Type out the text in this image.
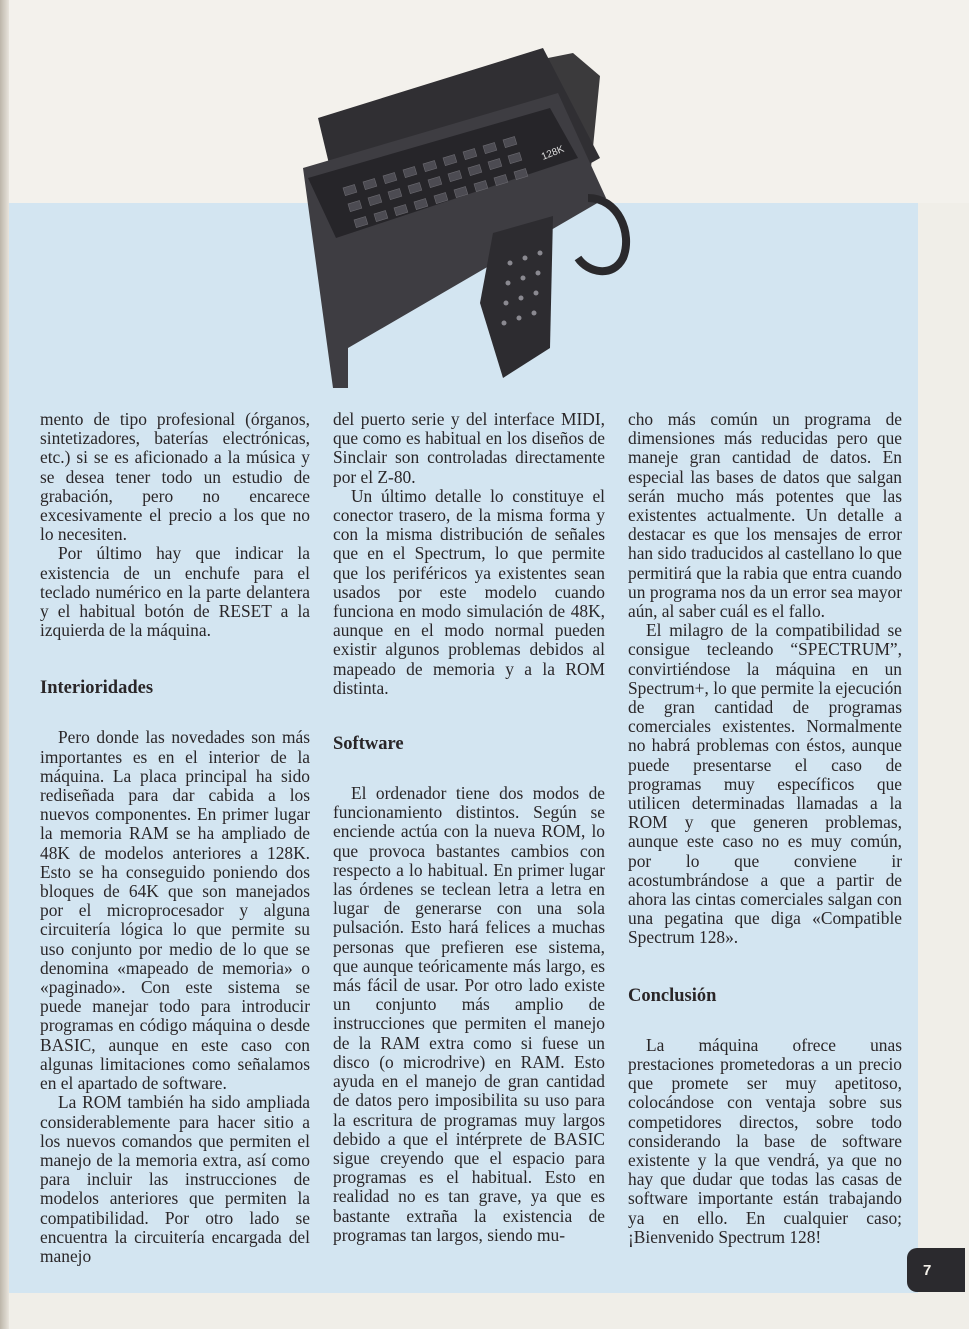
128K

mento de tipo profesional (órganos, sintetizadores, baterías electrónicas, etc.) si se es aficionado a la música y se desea tener todo un estudio de grabación, pero no encarece excesivamente el precio a los que no lo necesiten.

Por último hay que indicar la existencia de un enchufe para el teclado numérico en la parte delantera y el habitual botón de RESET a la izquierda de la máquina.

Interioridades

Pero donde las novedades son más importantes es en el interior de la máquina. La placa principal ha sido rediseñada para dar cabida a los nuevos componentes. En primer lugar la memoria RAM se ha ampliado de 48K de modelos anteriores a 128K. Esto se ha conseguido poniendo dos bloques de 64K que son manejados por el microprocesador y alguna circuitería lógica lo que permite su uso conjunto por medio de lo que se denomina «mapeado de memoria» o «paginado». Con este sistema se puede manejar todo para introducir programas en código máquina o desde BASIC, aunque en este caso con algunas limitaciones como señalamos en el apartado de software.

La ROM también ha sido ampliada considerablemente para hacer sitio a los nuevos comandos que permiten el manejo de la memoria extra, así como para incluir las instrucciones de modelos anteriores que permiten la compatibilidad. Por otro lado se encuentra la circuitería encargada del manejo

del puerto serie y del interface MIDI, que como es habitual en los diseños de Sinclair son controladas directamente por el Z-80.

Un último detalle lo constituye el conector trasero, de la misma forma y con la misma distribución de señales que en el Spectrum, lo que permite que los periféricos ya existentes sean usados por este modelo cuando funciona en modo simulación de 48K, aunque en el modo normal pueden existir algunos problemas debidos al mapeado de memoria y a la ROM distinta.

Software

El ordenador tiene dos modos de funcionamiento distintos. Según se enciende actúa con la nueva ROM, lo que provoca bastantes cambios con respecto a lo habitual. En primer lugar las órdenes se teclean letra a letra en lugar de generarse con una sola pulsación. Esto hará felices a muchas personas que prefieren ese sistema, que aunque teóricamente más largo, es más fácil de usar. Por otro lado existe un conjunto más amplio de instrucciones que permiten el manejo de la RAM extra como si fuese un disco (o microdrive) en RAM. Esto ayuda en el manejo de gran cantidad de datos pero imposibilita su uso para la escritura de programas muy largos debido a que el intérprete de BASIC sigue creyendo que el espacio para programas es el habitual. Esto en realidad no es tan grave, ya que es bastante extraña la existencia de programas tan largos, siendo mu-

cho más común un programa de dimensiones más reducidas pero que maneje gran cantidad de datos. En especial las bases de datos que salgan serán mucho más potentes que las existentes actualmente. Un detalle a destacar es que los mensajes de error han sido traducidos al castellano lo que permitirá que la rabia que entra cuando un programa nos da un error sea mayor aún, al saber cuál es el fallo.

El milagro de la compatibilidad se consigue tecleando “SPECTRUM”, convirtiéndose la máquina en un Spectrum+, lo que permite la ejecución de gran cantidad de programas comerciales existentes. Normalmente no habrá problemas con éstos, aunque puede presentarse el caso de programas muy específicos que utilicen determinadas llamadas a la ROM y que generen problemas, aunque este caso no es muy común, por lo que conviene ir acostumbrándose a que a partir de ahora las cintas comerciales salgan con una pegatina que diga «Compatible Spectrum 128».

Conclusión

La máquina ofrece unas prestaciones prometedoras a un precio que promete ser muy apetitoso, colocándose con ventaja sobre sus competidores directos, sobre todo considerando la base de software existente y la que vendrá, ya que no hay que dudar que todas las casas de software importante están trabajando ya en ello. En cualquier caso; ¡Bienvenido Spectrum 128!

7
